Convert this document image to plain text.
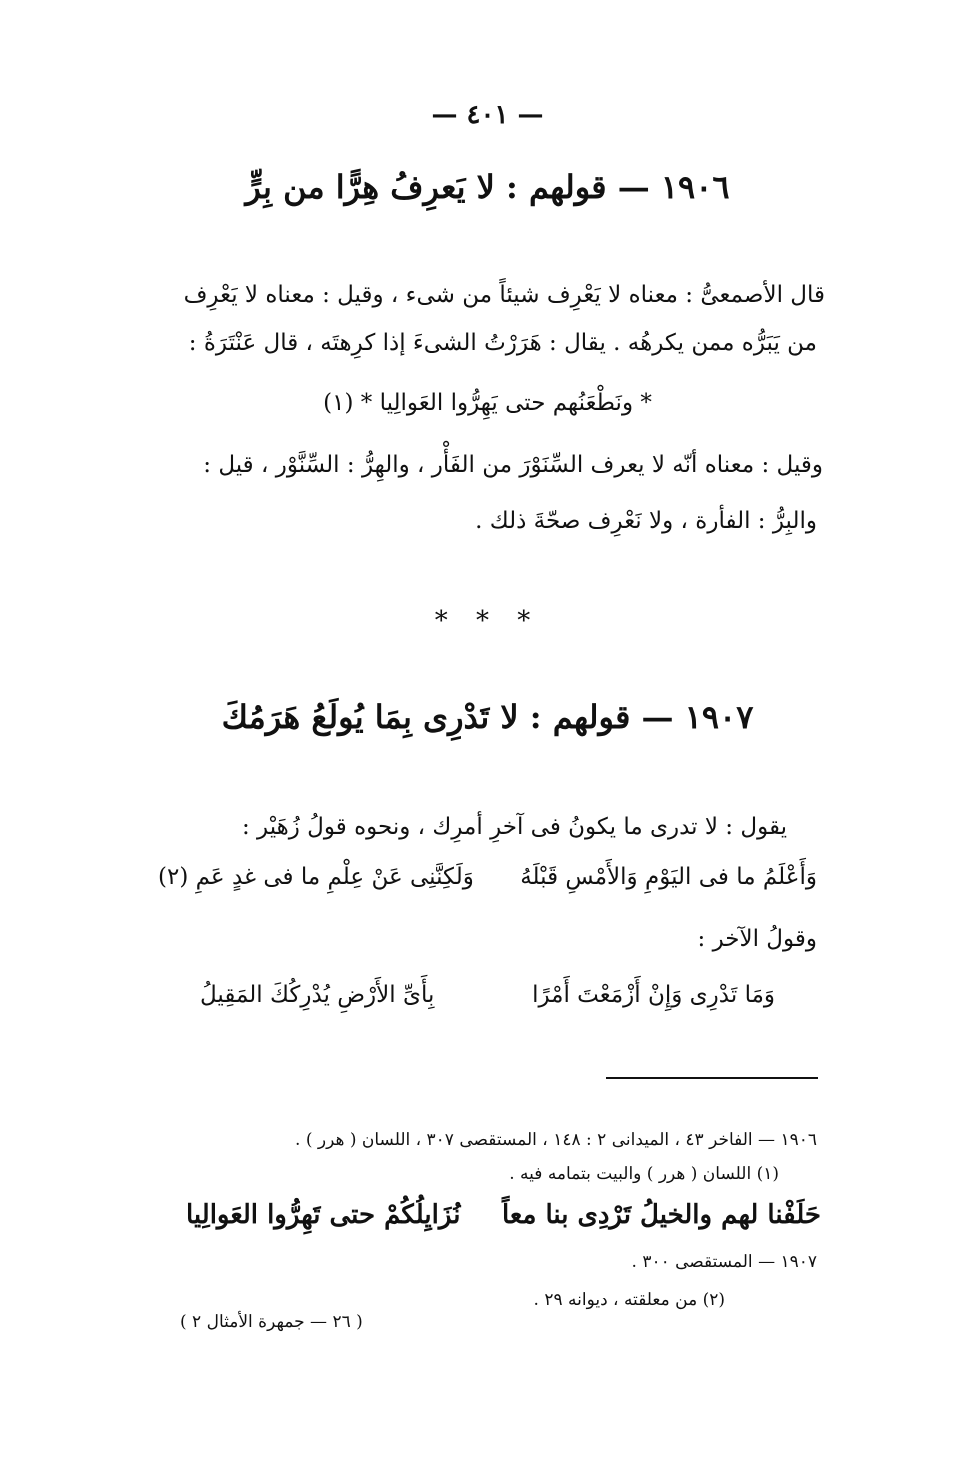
— ٤٠١ —
١٩٠٦ — قولهم : لا يَعرِفُ هِرًّا من بِرٍّ
قال الأصمعىُّ : معناه لا يَعْرِف شيئاً من شىء ، وقيل : معناه لا يَعْرِف
من يَبَرُّه ممن يكرهُه . يقال : هَرَرْتُ الشىءَ إذا كرِهتَه ، قال عَنْتَرَةُ :
* ونَطْعَنُهم حتى يَهِرُّوا العَوالِيا * (١)
وقيل : معناه أنّه لا يعرف السِّنَوْرَ من الفَأْر ، والهِرُّ : السِّنَّوْر ، قيل :
والبِرُّ : الفأرة ، ولا نَعْرِف صحّةَ ذلك .
* * *
١٩٠٧ — قولهم : لا تَدْرِى بِمَا يُولَعُ هَرَمُكَ
يقول : لا تدرى ما يكونُ فى آخرِ أمرِك ، ونحوه قولُ زُهَيْر :
وَأَعْلَمُ ما فى اليَوْمِ وَالأَمْسِ قَبْلَهُ
وَلَكِنَّنِى عَنْ عِلْمِ ما فى غدٍ عَمِ (٢)
وقولُ الآخر :
وَمَا تَدْرِى وَإِنْ أَزْمَعْتَ أَمْرًا
بِأَىِّ الأَرْضِ يُدْرِكُكَ المَقِيلُ
١٩٠٦ — الفاخر ٤٣ ، الميدانى ٢ : ١٤٨ ، المستقصى ٣٠٧ ، اللسان ( هرر ) .
(١) اللسان ( هرر ) والبيت بتمامه فيه .
حَلَفْنا لهم والخيلُ تَرْدِى بنا معاً
نُزَايِلُكُمْ حتى تَهِرُّوا العَوالِيا
١٩٠٧ — المستقصى ٣٠٠ .
(٢) من معلقته ، ديوانه ٢٩ .
( ٢٦ — جمهرة الأمثال ٢ )
